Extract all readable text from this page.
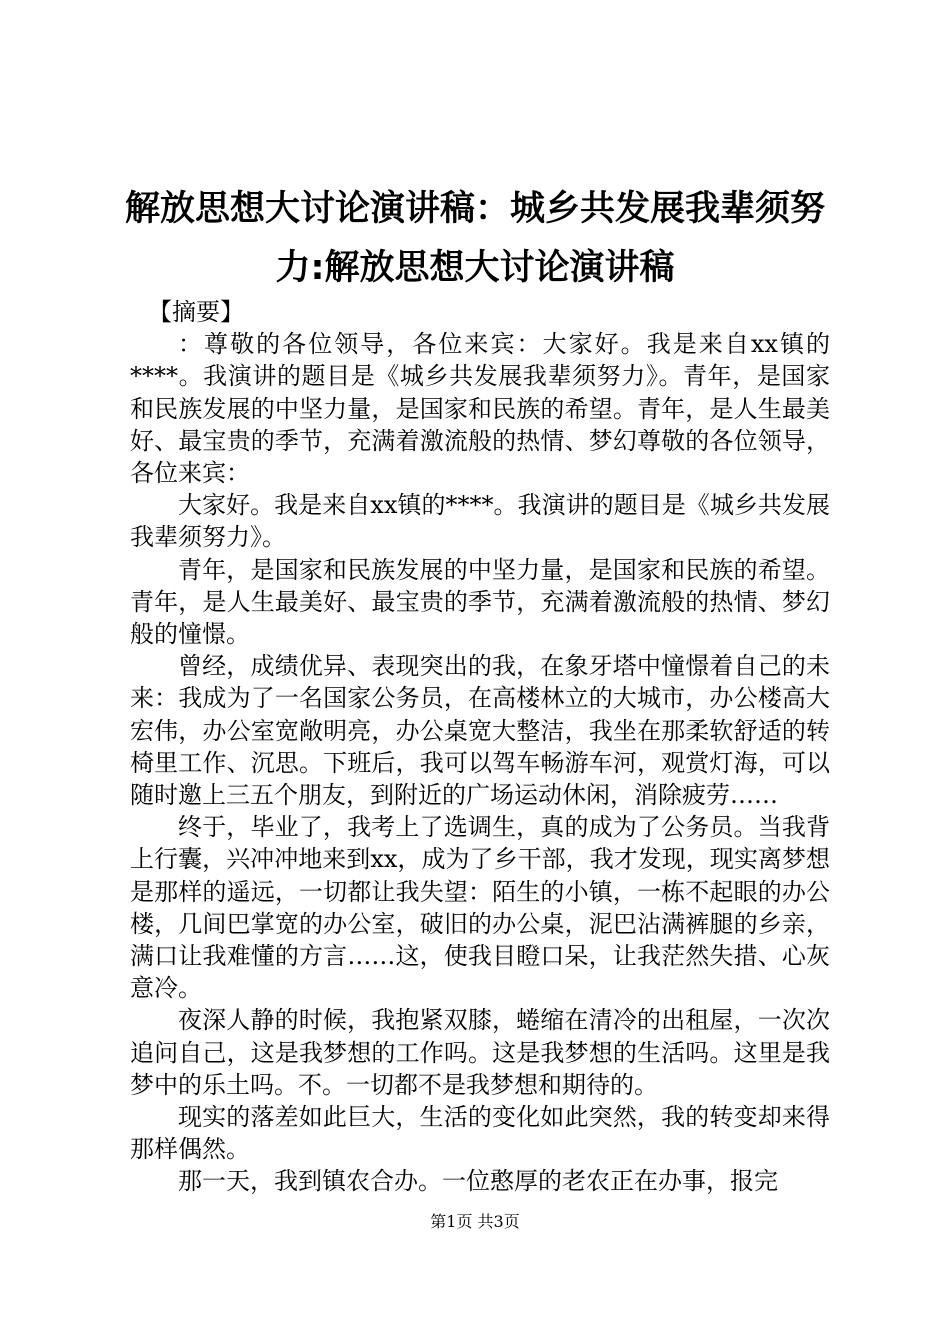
解放思想大讨论演讲稿：城乡共发展我辈须努力:解放思想大讨论演讲稿

【摘要】

：尊敬的各位领导，各位来宾：大家好。我是来自xx镇的****。我演讲的题目是《城乡共发展我辈须努力》。青年，是国家和民族发展的中坚力量，是国家和民族的希望。青年，是人生最美好、最宝贵的季节，充满着激流般的热情、梦幻尊敬的各位领导，各位来宾：

大家好。我是来自xx镇的****。我演讲的题目是《城乡共发展我辈须努力》。

青年，是国家和民族发展的中坚力量，是国家和民族的希望。青年，是人生最美好、最宝贵的季节，充满着激流般的热情、梦幻般的憧憬。

曾经，成绩优异、表现突出的我，在象牙塔中憧憬着自己的未来：我成为了一名国家公务员，在高楼林立的大城市，办公楼高大宏伟，办公室宽敞明亮，办公桌宽大整洁，我坐在那柔软舒适的转椅里工作、沉思。下班后，我可以驾车畅游车河，观赏灯海，可以随时邀上三五个朋友，到附近的广场运动休闲，消除疲劳……

终于，毕业了，我考上了选调生，真的成为了公务员。当我背上行囊，兴冲冲地来到xx，成为了乡干部，我才发现，现实离梦想是那样的遥远，一切都让我失望：陌生的小镇，一栋不起眼的办公楼，几间巴掌宽的办公室，破旧的办公桌，泥巴沾满裤腿的乡亲，满口让我难懂的方言……这，使我目瞪口呆，让我茫然失措、心灰意冷。

夜深人静的时候，我抱紧双膝，蜷缩在清冷的出租屋，一次次追问自己，这是我梦想的工作吗。这是我梦想的生活吗。这里是我梦中的乐土吗。不。一切都不是我梦想和期待的。

现实的落差如此巨大，生活的变化如此突然，我的转变却来得那样偶然。

那一天，我到镇农合办。一位憨厚的老农正在办事，报完

第1页 共3页
